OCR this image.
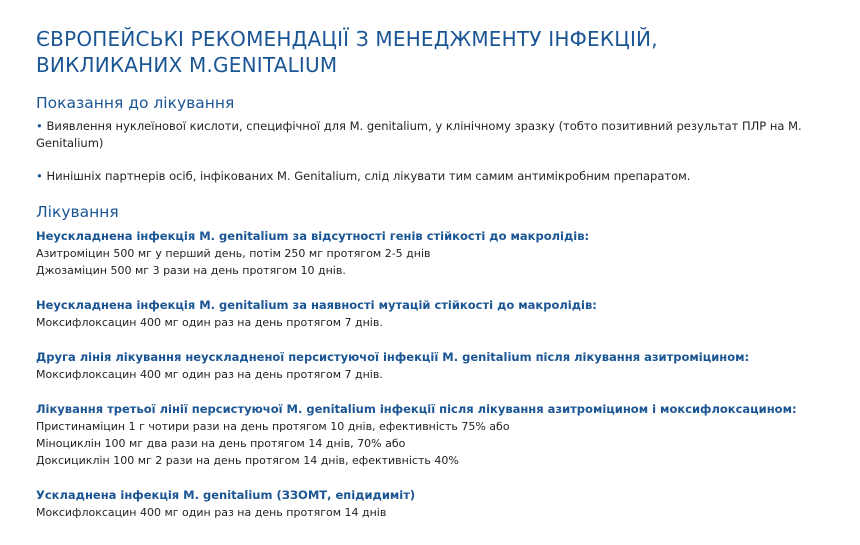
ЄВРОПЕЙСЬКІ РЕКОМЕНДАЦІЇ З МЕНЕДЖМЕНТУ ІНФЕКЦІЙ,
ВИКЛИКАНИХ M.GENITALIUM
Показання до лікування
• Виявлення нуклеїнової кислоти, специфічної для M. genitalium, у клінічному зразку (тобто позитивний результат ПЛР на M. Genitalium)
• Нинішніх партнерів осіб, інфікованих M. Genitalium, слід лікувати тим самим антимікробним препаратом.
Лікування
Неускладнена інфекція M. genitalium за відсутності генів стійкості до макролідів:
Азитроміцин 500 мг у перший день, потім 250 мг протягом 2-5 днів
Джозаміцин 500 мг 3 рази на день протягом 10 днів.
Неускладнена інфекція M. genitalium за наявності мутацій стійкості до макролідів:
Моксифлоксацин 400 мг один раз на день протягом 7 днів.
Друга лінія лікування неускладненої персистуючої інфекції M. genitalium після лікування азитроміцином:
Моксифлоксацин 400 мг один раз на день протягом 7 днів.
Лікування третьої лінії персистуючої M. genitalium інфекції після лікування азитроміцином і моксифлоксацином:
Пристинаміцин 1 г чотири рази на день протягом 10 днів, ефективність 75% або
Міноциклін 100 мг два рази на день протягом 14 днів, 70% або
Доксициклін 100 мг 2 рази на день протягом 14 днів, ефективність 40%
Ускладнена інфекція M. genitalium (ЗЗОМТ, епідидиміт)
Моксифлоксацин 400 мг один раз на день протягом 14 днів
